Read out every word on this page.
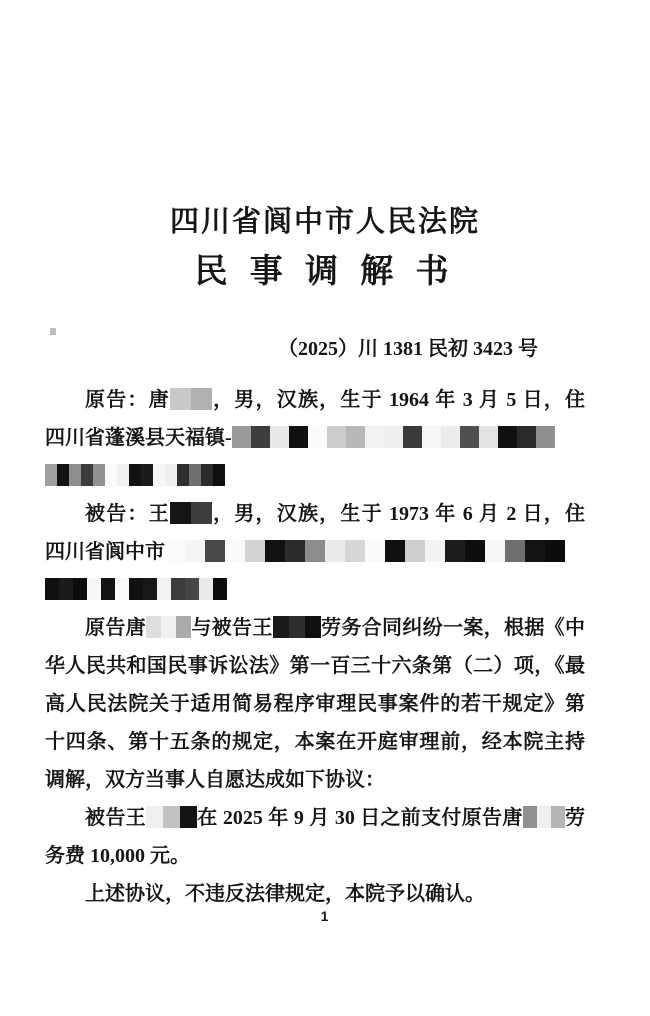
四川省阆中市人民法院
民 事 调 解 书
（2025）川 1381 民初 3423 号
原告：唐 ，男，汉族，生于 1964 年 3 月 5 日，住
四川省蓬溪县天福镇-
被告：王 ，男，汉族，生于 1973 年 6 月 2 日，住
四川省阆中市
原告唐 与被告王 劳务合同纠纷一案，根据《中
华人民共和国民事诉讼法》第一百三十六条第（二）项，《最
高人民法院关于适用简易程序审理民事案件的若干规定》第
十四条、第十五条的规定，本案在开庭审理前，经本院主持
调解，双方当事人自愿达成如下协议：
被告王	在 2025 年 9 月 30 日之前支付原告唐 劳
务费 10,000 元。
上述协议，不违反法律规定，本院予以确认。
1
